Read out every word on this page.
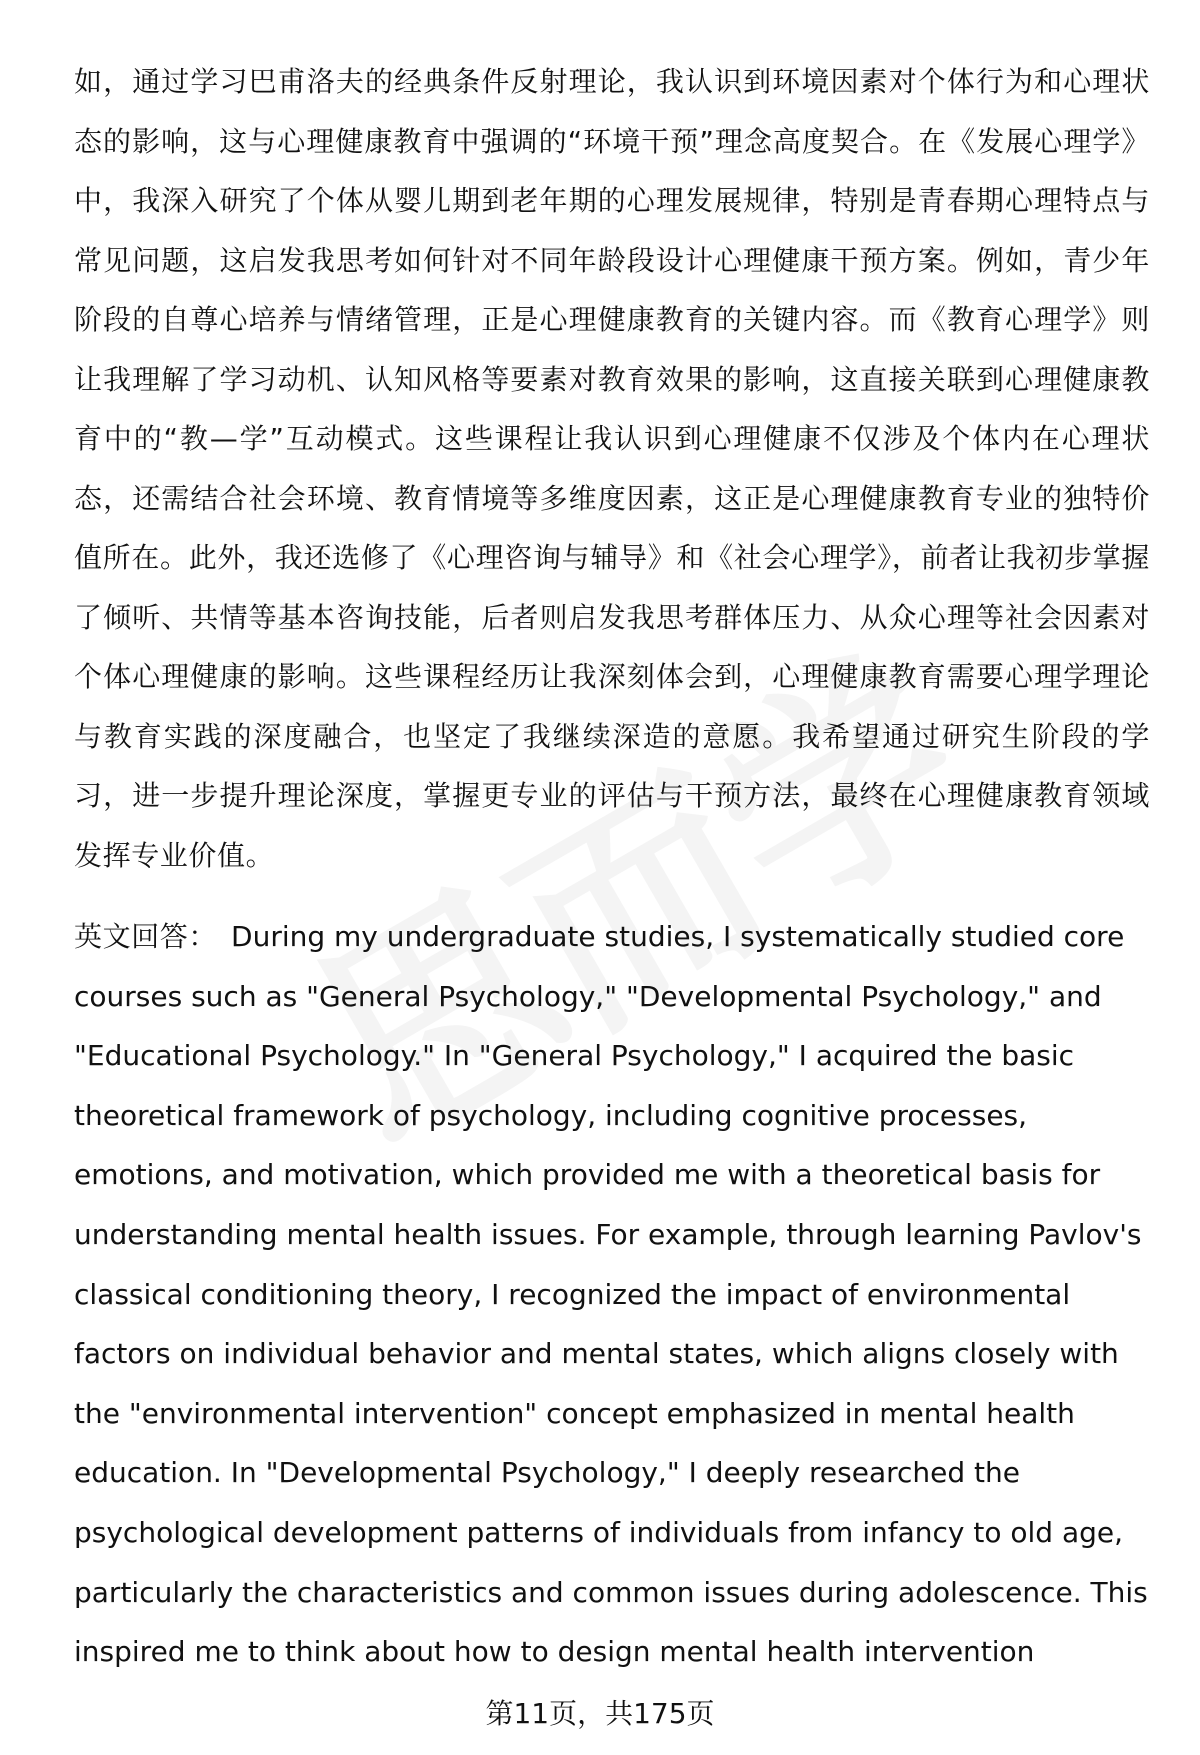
如，通过学习巴甫洛夫的经典条件反射理论，我认识到环境因素对个体行为和心理状态的影响，这与心理健康教育中强调的“环境干预”理念高度契合。在《发展心理学》中，我深入研究了个体从婴儿期到老年期的心理发展规律，特别是青春期心理特点与常见问题，这启发我思考如何针对不同年龄段设计心理健康干预方案。例如，青少年阶段的自尊心培养与情绪管理，正是心理健康教育的关键内容。而《教育心理学》则让我理解了学习动机、认知风格等要素对教育效果的影响，这直接关联到心理健康教育中的“教—学”互动模式。这些课程让我认识到心理健康不仅涉及个体内在心理状态，还需结合社会环境、教育情境等多维度因素，这正是心理健康教育专业的独特价值所在。此外，我还选修了《心理咨询与辅导》和《社会心理学》，前者让我初步掌握了倾听、共情等基本咨询技能，后者则启发我思考群体压力、从众心理等社会因素对个体心理健康的影响。这些课程经历让我深刻体会到，心理健康教育需要心理学理论与教育实践的深度融合，也坚定了我继续深造的意愿。我希望通过研究生阶段的学习，进一步提升理论深度，掌握更专业的评估与干预方法，最终在心理健康教育领域发挥专业价值。

英文回答： During my undergraduate studies, I systematically studied core courses such as "General Psychology," "Developmental Psychology," and "Educational Psychology." In "General Psychology," I acquired the basic theoretical framework of psychology, including cognitive processes, emotions, and motivation, which provided me with a theoretical basis for understanding mental health issues. For example, through learning Pavlov's classical conditioning theory, I recognized the impact of environmental factors on individual behavior and mental states, which aligns closely with the "environmental intervention" concept emphasized in mental health education. In "Developmental Psychology," I deeply researched the psychological development patterns of individuals from infancy to old age, particularly the characteristics and common issues during adolescence. This inspired me to think about how to design mental health intervention

第11页，共175页
